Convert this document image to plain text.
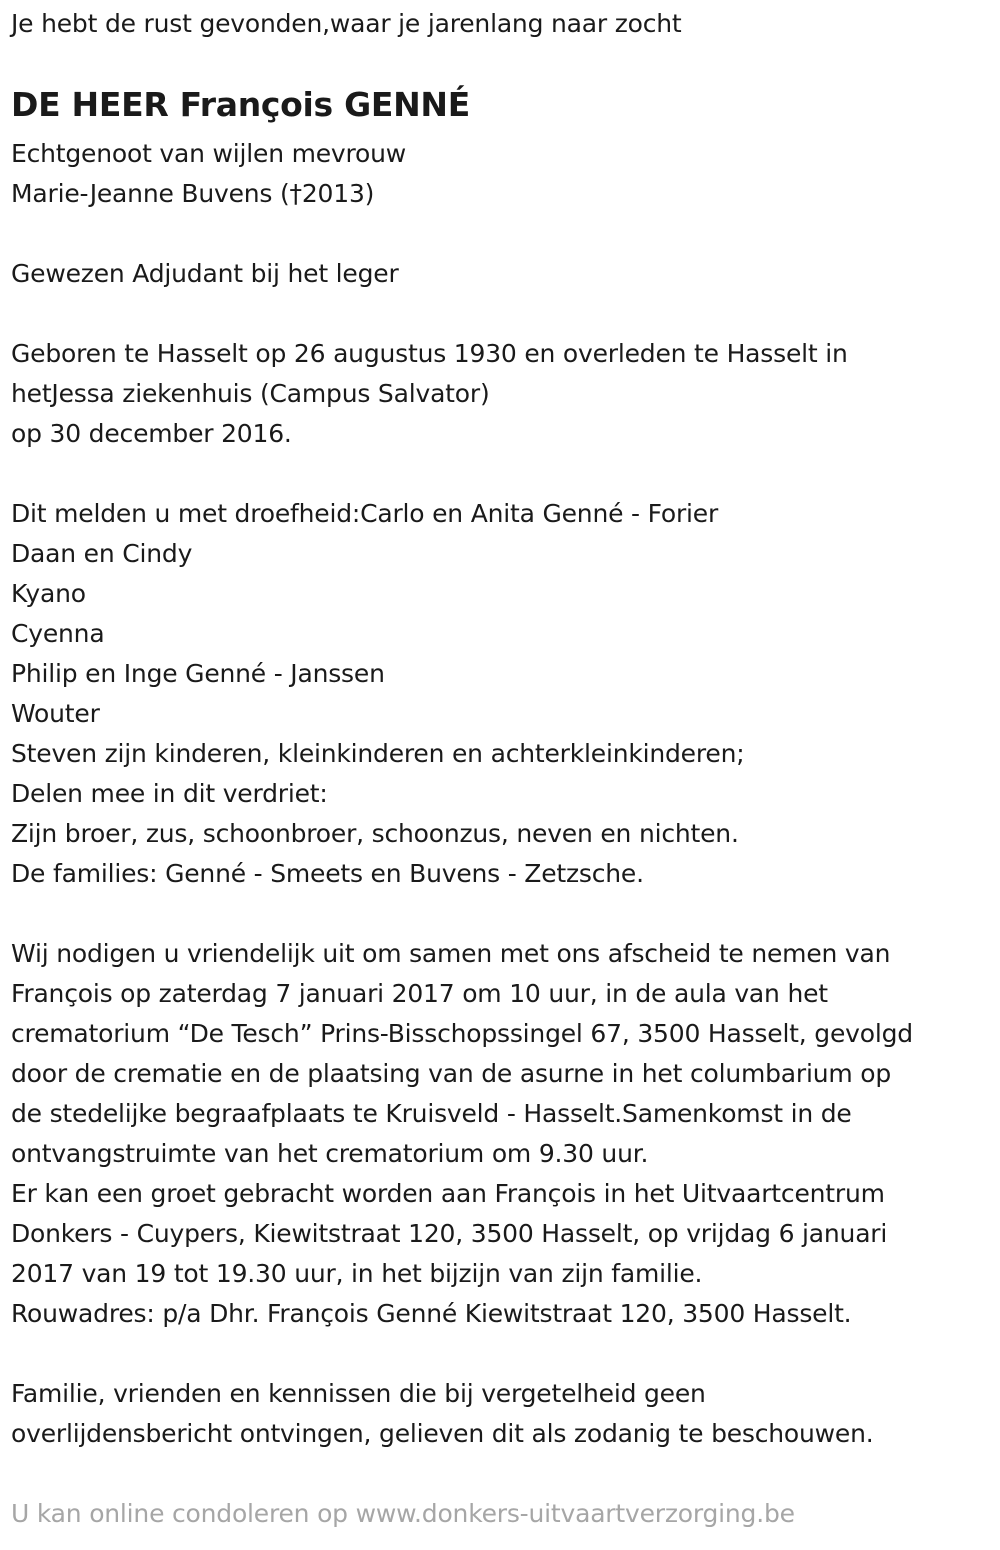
Je hebt de rust gevonden,waar je jarenlang naar zocht
DE HEER François GENNÉ
Echtgenoot van wijlen mevrouw
Marie-Jeanne Buvens (†2013)
Gewezen Adjudant bij het leger
Geboren te Hasselt op 26 augustus 1930 en overleden te Hasselt in
hetJessa ziekenhuis (Campus Salvator)
op 30 december 2016.
Dit melden u met droefheid:Carlo en Anita Genné - Forier
Daan en Cindy
Kyano
Cyenna
Philip en Inge Genné - Janssen
Wouter
Steven zijn kinderen, kleinkinderen en achterkleinkinderen;
Delen mee in dit verdriet:
Zijn broer, zus, schoonbroer, schoonzus, neven en nichten.
De families: Genné - Smeets en Buvens - Zetzsche.
Wij nodigen u vriendelijk uit om samen met ons afscheid te nemen van
François op zaterdag 7 januari 2017 om 10 uur, in de aula van het
crematorium “De Tesch” Prins-Bisschopssingel 67, 3500 Hasselt, gevolgd
door de crematie en de plaatsing van de asurne in het columbarium op
de stedelijke begraafplaats te Kruisveld - Hasselt.Samenkomst in de
ontvangstruimte van het crematorium om 9.30 uur.
Er kan een groet gebracht worden aan François in het Uitvaartcentrum
Donkers - Cuypers, Kiewitstraat 120, 3500 Hasselt, op vrijdag 6 januari
2017 van 19 tot 19.30 uur, in het bijzijn van zijn familie.
Rouwadres: p/a Dhr. François Genné Kiewitstraat 120, 3500 Hasselt.
Familie, vrienden en kennissen die bij vergetelheid geen
overlijdensbericht ontvingen, gelieven dit als zodanig te beschouwen.
U kan online condoleren op www.donkers-uitvaartverzorging.be
